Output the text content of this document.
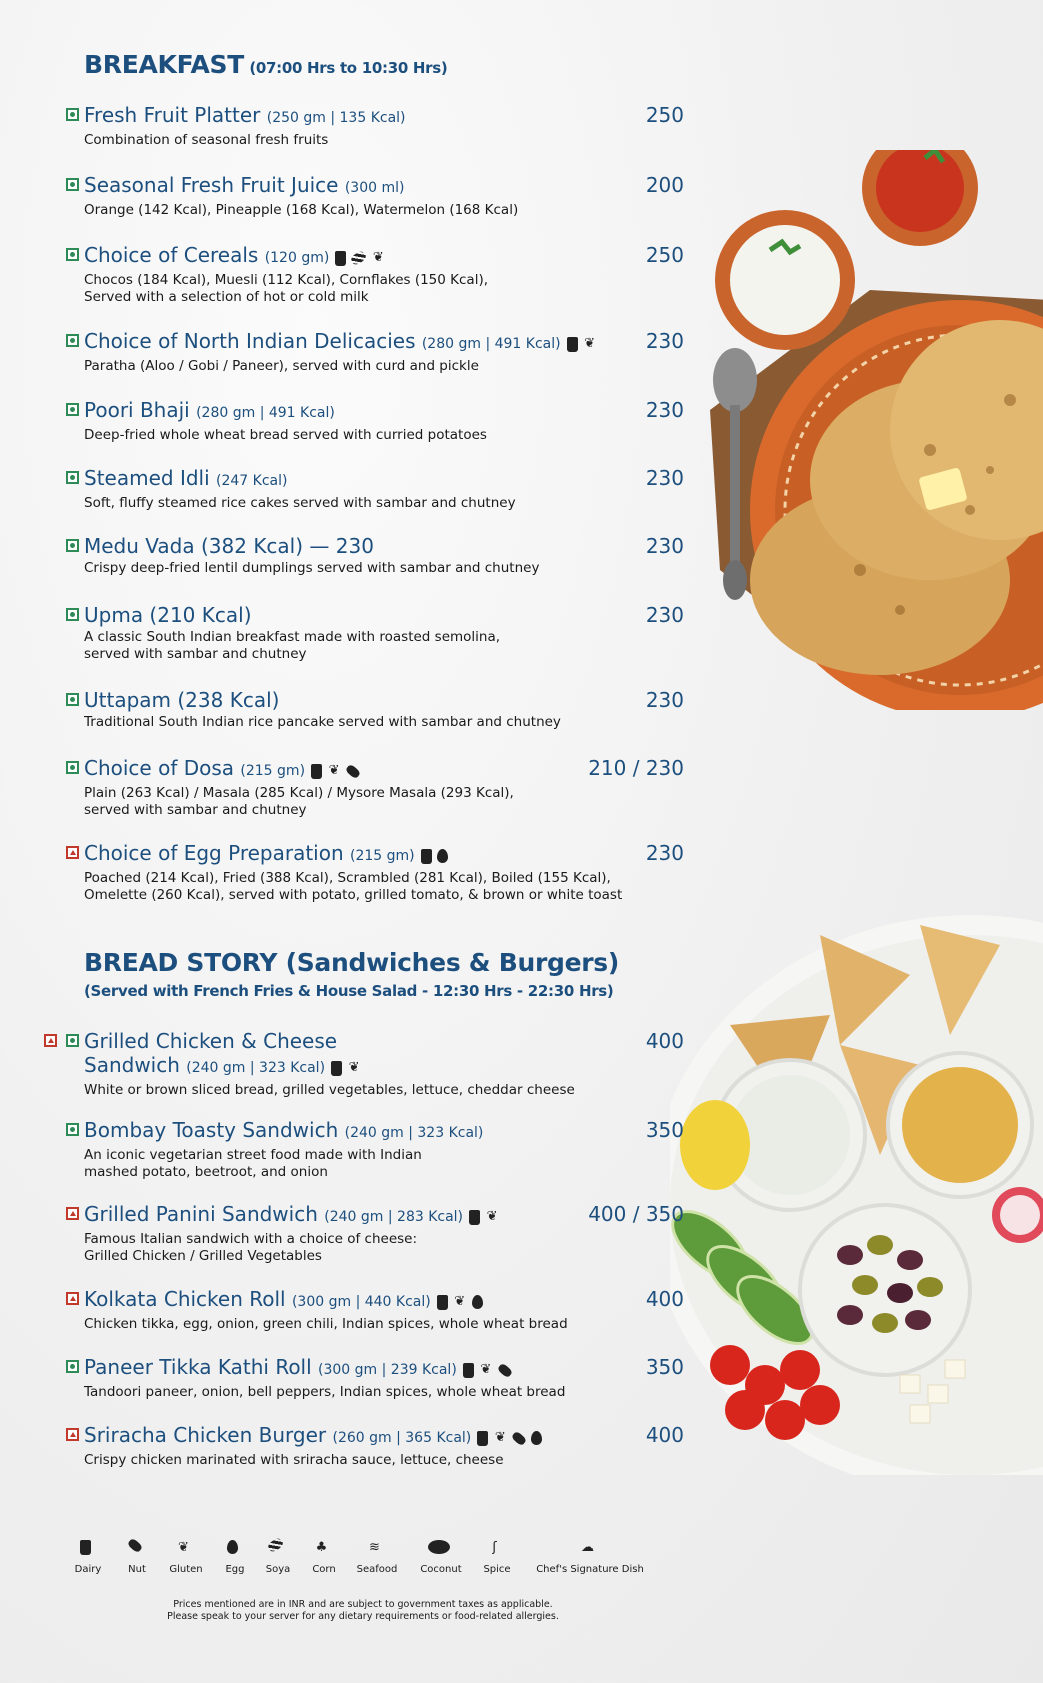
BREAKFAST (07:00 Hrs to 10:30 Hrs)
Fresh Fruit Platter (250 gm | 135 Kcal)	250
Combination of seasonal fresh fruits
Seasonal Fresh Fruit Juice (300 ml)	200
Orange (142 Kcal), Pineapple (168 Kcal), Watermelon (168 Kcal)
Choice of Cereals (120 gm)	❦	250
Chocos (184 Kcal), Muesli (112 Kcal), Cornflakes (150 Kcal),
Served with a selection of hot or cold milk
Choice of North Indian Delicacies (280 gm | 491 Kcal) ❦	230
Paratha (Aloo / Gobi / Paneer), served with curd and pickle
Poori Bhaji (280 gm | 491 Kcal)	230
Deep-fried whole wheat bread served with curried potatoes
Steamed Idli (247 Kcal)	230
Soft, fluffy steamed rice cakes served with sambar and chutney
Medu Vada (382 Kcal) — 230	230
Crispy deep-fried lentil dumplings served with sambar and chutney
Upma (210 Kcal)	230
A classic South Indian breakfast made with roasted semolina,
served with sambar and chutney
Uttapam (238 Kcal)	230
Traditional South Indian rice pancake served with sambar and chutney
Choice of Dosa (215 gm) ❦	210 / 230
Plain (263 Kcal) / Masala (285 Kcal) / Mysore Masala (293 Kcal),
served with sambar and chutney
Choice of Egg Preparation (215 gm)	230
Poached (214 Kcal), Fried (388 Kcal), Scrambled (281 Kcal), Boiled (155 Kcal),
Omelette (260 Kcal), served with potato, grilled tomato, & brown or white toast
BREAD STORY (Sandwiches & Burgers)
(Served with French Fries & House Salad - 12:30 Hrs - 22:30 Hrs)
Grilled Chicken & Cheese
Sandwich (240 gm | 323 Kcal) ❦
400
White or brown sliced bread, grilled vegetables, lettuce, cheddar cheese
Bombay Toasty Sandwich (240 gm | 323 Kcal)	350
An iconic vegetarian street food made with Indian
mashed potato, beetroot, and onion
Grilled Panini Sandwich (240 gm | 283 Kcal) ❦	400 / 350
Famous Italian sandwich with a choice of cheese:
Grilled Chicken / Grilled Vegetables
Kolkata Chicken Roll (300 gm | 440 Kcal) ❦	400
Chicken tikka, egg, onion, green chili, Indian spices, whole wheat bread
Paneer Tikka Kathi Roll (300 gm | 239 Kcal) ❦	350
Tandoori paneer, onion, bell peppers, Indian spices, whole wheat bread
Sriracha Chicken Burger (260 gm | 365 Kcal) ❦	400
Crispy chicken marinated with sriracha sauce, lettuce, cheese
Dairy	Nut
❦
Gluten	Egg	Soya
♣
Corn
≋
Seafood	Coconut
ʃ
Spice
☁
Chef's Signature Dish
Prices mentioned are in INR and are subject to government taxes as applicable.
Please speak to your server for any dietary requirements or food-related allergies.
